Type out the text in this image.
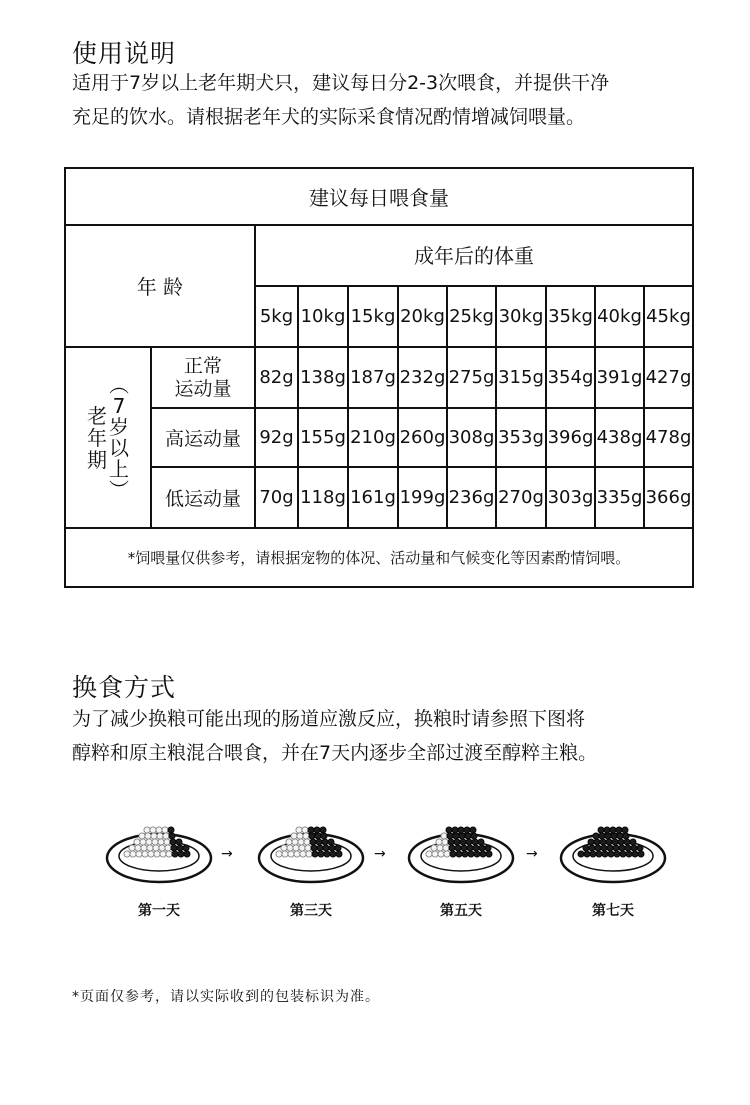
使用说明
适用于7岁以上老年期犬只，建议每日分2-3次喂食，并提供干净
充足的饮水。请根据老年犬的实际采食情况酌情增减饲喂量。
建议每日喂食量
年 龄
成年后的体重
5kg 10kg 15kg 20kg 25kg 30kg 35kg 40kg 45kg
老
年
期
︵
7
岁
以
上
︶
正常
运动量
高运动量
低运动量
82g 138g 187g 232g 275g 315g 354g 391g 427g
92g 155g 210g 260g 308g 353g 396g 438g 478g
70g 118g 161g 199g 236g 270g 303g 335g 366g
*饲喂量仅供参考，请根据宠物的体况、活动量和气候变化等因素酌情饲喂。
换食方式
为了减少换粮可能出现的肠道应激反应，换粮时请参照下图将
醇粹和原主粮混合喂食，并在7天内逐步全部过渡至醇粹主粮。
第一天
→
第三天
→
第五天
→
第七天
*页面仅参考，请以实际收到的包装标识为准。
